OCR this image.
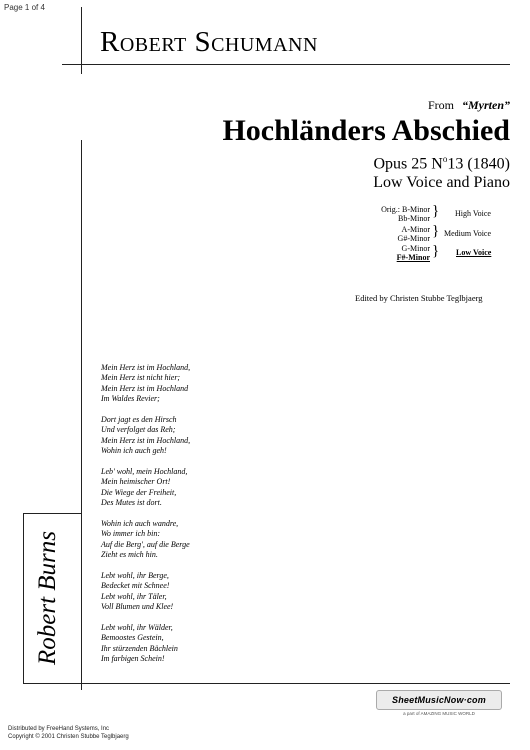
Page 1 of 4
Robert Schumann
From “Myrten”
Hochländers Abschied
Opus 25 $N^o13$ (1840)
Low Voice and Piano
Orig.: B-Minor
Bb-Minor
A-Minor
G#-Minor
G-Minor
F#-Minor
}
}
}
High Voice
Medium Voice
Low Voice
Edited by Christen Stubbe Teglbjaerg
Mein Herz ist im Hochland,
Mein Herz ist nicht hier;
Mein Herz ist im Hochland
Im Waldes Revier;
Dort jagt es den Hirsch
Und verfolget das Reh;
Mein Herz ist im Hochland,
Wohin ich auch geh!
Leb' wohl, mein Hochland,
Mein heimischer Ort!
Die Wiege der Freiheit,
Des Mutes ist dort.
Wohin ich auch wandre,
Wo immer ich bin:
Auf die Berg', auf die Berge
Zieht es mich hin.
Lebt wohl, ihr Berge,
Bedecket mit Schnee!
Lebt wohl, ihr Täler,
Voll Blumen und Klee!
Lebt wohl, ihr Wälder,
Bemoostes Gestein,
Ihr stürzenden Bächlein
Im farbigen Schein!
Robert Burns
SheetMusicNow·com
a part of AMAZING MUSIC WORLD
Distributed by FreeHand Systems, Inc
Copyright © 2001 Christen Stubbe Teglbjaerg
